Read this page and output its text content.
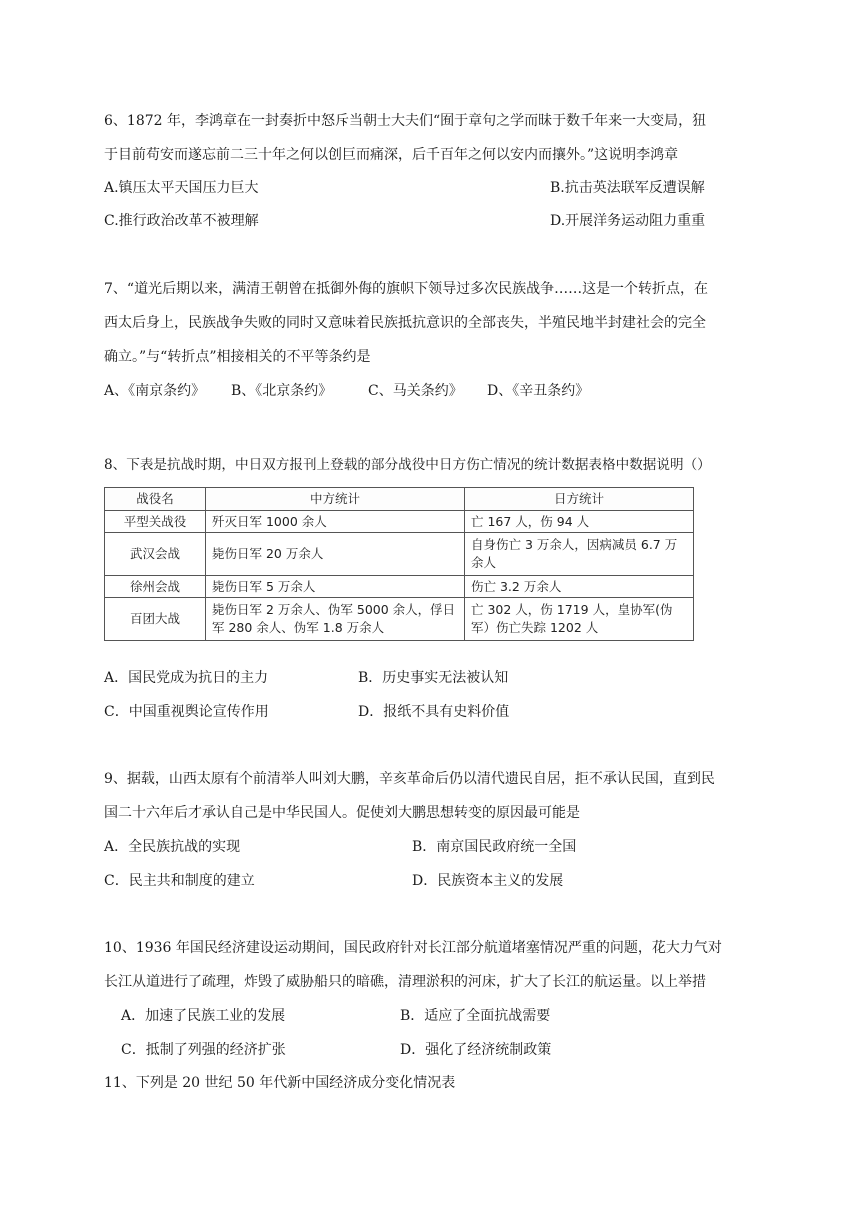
6、1872 年，李鸿章在一封奏折中怒斥当朝士大夫们“囿于章句之学而昧于数千年来一大变局，狃
于目前苟安而遂忘前二三十年之何以创巨而痛深，后千百年之何以安内而攘外。”这说明李鸿章
A.镇压太平天国压力巨大	B.抗击英法联军反遭误解
C.推行政治改革不被理解	D.开展洋务运动阻力重重
7、“道光后期以来，满清王朝曾在抵御外侮的旗帜下领导过多次民族战争……这是一个转折点，在
西太后身上，民族战争失败的同时又意味着民族抵抗意识的全部丧失，半殖民地半封建社会的完全
确立。”与“转折点”相接相关的不平等条约是
A、《南京条约》 B、《北京条约》	C、马关条约》 D、《辛丑条约》
8、下表是抗战时期，中日双方报刊上登载的部分战役中日方伤亡情况的统计数据表格中数据说明（）
战役名	中方统计	日方统计
平型关战役	歼灭日军 1000 余人	亡 167 人，伤 94 人
武汉会战	毙伤日军 20 万余人	自身伤亡 3 万余人，因病减员 6.7 万余人
徐州会战	毙伤日军 5 万余人	伤亡 3.2 万余人
百团大战	毙伤日军 2 万余人、伪军 5000 余人，俘日军 280 余人、伪军 1.8 万余人	亡 302 人，伤 1719 人，皇协军(伪军）伤亡失踪 1202 人
A．国民党成为抗日的主力	B．历史事实无法被认知
C．中国重视舆论宣传作用	D．报纸不具有史料价值
9、据载，山西太原有个前清举人叫刘大鹏，辛亥革命后仍以清代遗民自居，拒不承认民国，直到民
国二十六年后才承认自己是中华民国人。促使刘大鹏思想转变的原因最可能是
A．全民族抗战的实现	B．南京国民政府统一全国
C．民主共和制度的建立	D．民族资本主义的发展
10、1936 年国民经济建设运动期间，国民政府针对长江部分航道堵塞情况严重的问题，花大力气对
长江从道进行了疏理，炸毁了威胁船只的暗礁，清理淤积的河床，扩大了长江的航运量。以上举措
A．加速了民族工业的发展	B．适应了全面抗战需要
C．抵制了列强的经济扩张	D．强化了经济统制政策
11、下列是 20 世纪 50 年代新中国经济成分变化情况表
